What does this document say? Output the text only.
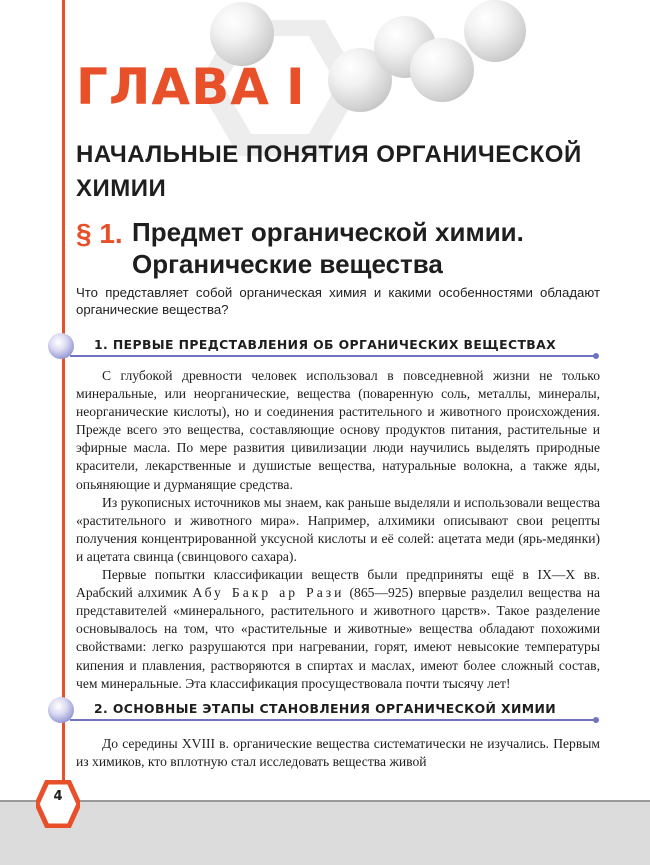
ГЛАВА I
НАЧАЛЬНЫЕ ПОНЯТИЯ ОРГАНИЧЕСКОЙ ХИМИИ
§ 1. Предмет органической химии.
Органические вещества

Что представляет собой органическая химия и какими особенностями обладают органические вещества?

1. ПЕРВЫЕ ПРЕДСТАВЛЕНИЯ ОБ ОРГАНИЧЕСКИХ ВЕЩЕСТВАХ

С глубокой древности человек использовал в повседневной жизни не только минеральные, или неорганические, вещества (поваренную соль, металлы, минералы, неорганические кислоты), но и соединения растительного и животного происхождения. Прежде всего это вещества, составляющие основу продуктов питания, растительные и эфирные масла. По мере развития цивилизации люди научились выделять природные красители, лекарственные и душистые вещества, натуральные волокна, а также яды, опьяняющие и дурманящие средства.

Из рукописных источников мы знаем, как раньше выделяли и использовали вещества «растительного и животного мира». Например, алхимики описывают свои рецепты получения концентрированной уксусной кислоты и её солей: ацетата меди (ярь-медянки) и ацетата свинца (свинцового сахара).

Первые попытки классификации веществ были предприняты ещё в IX—X вв. Арабский алхимик Абу Бакр ар Рази (865—925) впервые разделил вещества на представителей «минерального, растительного и животного царств». Такое разделение основывалось на том, что «растительные и животные» вещества обладают похожими свойствами: легко разрушаются при нагревании, горят, имеют невысокие температуры кипения и плавления, растворяются в спиртах и маслах, имеют более сложный состав, чем минеральные. Эта классификация просуществовала почти тысячу лет!

2. ОСНОВНЫЕ ЭТАПЫ СТАНОВЛЕНИЯ ОРГАНИЧЕСКОЙ ХИМИИ

До середины XVIII в. органические вещества систематически не изучались. Первым из химиков, кто вплотную стал исследовать вещества живой

4
